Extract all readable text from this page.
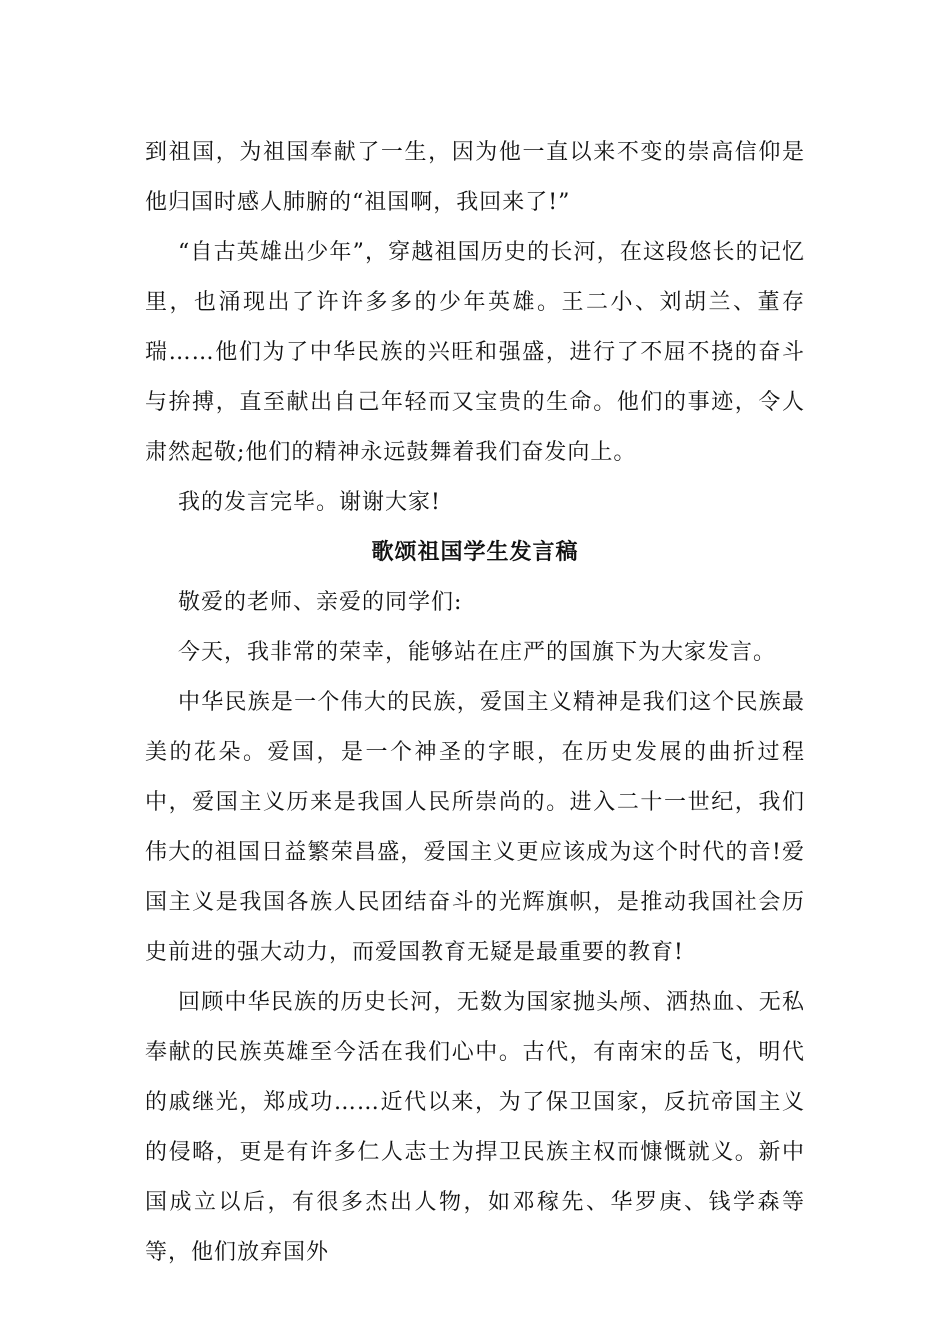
到祖国，为祖国奉献了一生，因为他一直以来不变的崇高信仰是他归国时感人肺腑的“祖国啊，我回来了!”

“自古英雄出少年”，穿越祖国历史的长河，在这段悠长的记忆里，也涌现出了许许多多的少年英雄。王二小、刘胡兰、董存瑞……他们为了中华民族的兴旺和强盛，进行了不屈不挠的奋斗与拚搏，直至献出自己年轻而又宝贵的生命。他们的事迹，令人肃然起敬;他们的精神永远鼓舞着我们奋发向上。

我的发言完毕。谢谢大家!

歌颂祖国学生发言稿

敬爱的老师、亲爱的同学们:

今天，我非常的荣幸，能够站在庄严的国旗下为大家发言。

中华民族是一个伟大的民族，爱国主义精神是我们这个民族最美的花朵。爱国，是一个神圣的字眼，在历史发展的曲折过程中，爱国主义历来是我国人民所崇尚的。进入二十一世纪，我们伟大的祖国日益繁荣昌盛，爱国主义更应该成为这个时代的音!爱国主义是我国各族人民团结奋斗的光辉旗帜，是推动我国社会历史前进的强大动力，而爱国教育无疑是最重要的教育!

回顾中华民族的历史长河，无数为国家抛头颅、洒热血、无私奉献的民族英雄至今活在我们心中。古代，有南宋的岳飞，明代的戚继光，郑成功……近代以来，为了保卫国家，反抗帝国主义的侵略，更是有许多仁人志士为捍卫民族主权而慷慨就义。新中国成立以后，有很多杰出人物，如邓稼先、华罗庚、钱学森等等，他们放弃国外
